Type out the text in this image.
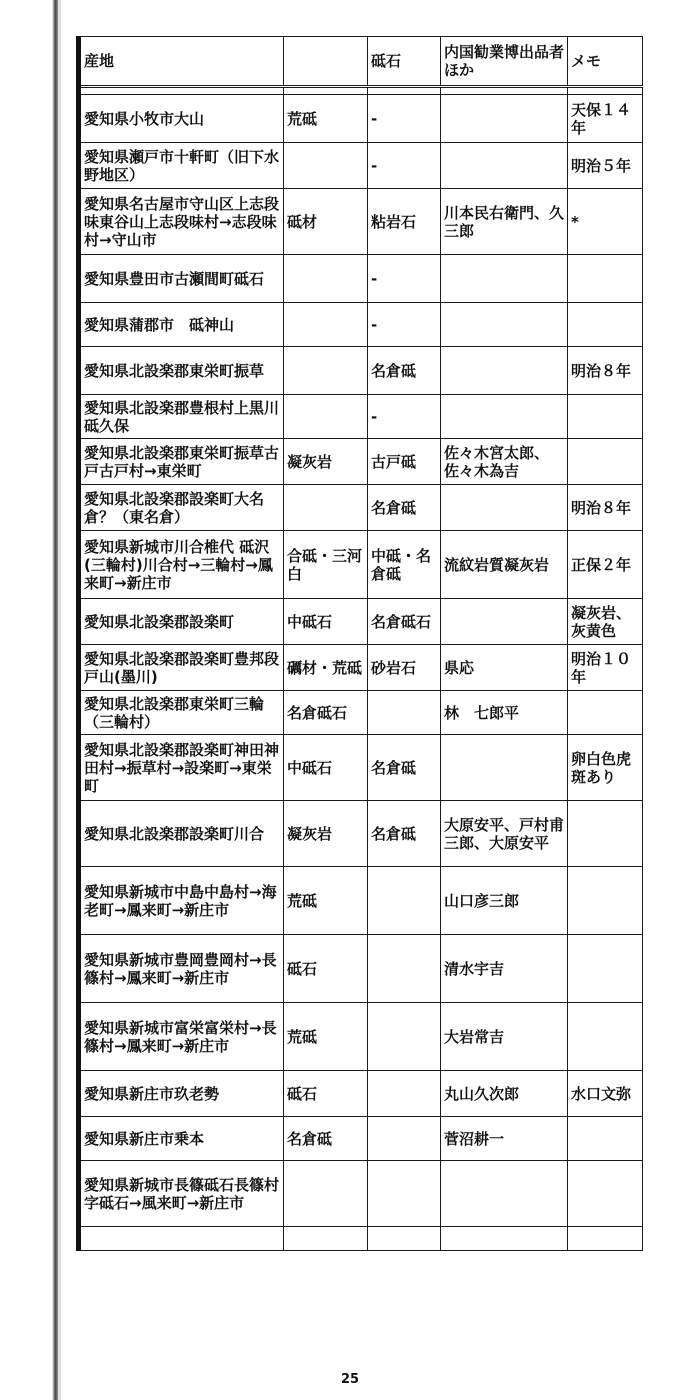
産地		砥石	内国勧業博出品者ほか	メモ

愛知県小牧市大山	荒砥	-		天保１４年
愛知県瀬戸市十軒町（旧下水野地区）		-		明治５年
愛知県名古屋市守山区上志段味東谷山上志段味村→志段味村→守山市	砥材	粘岩石	川本民右衛門、久三郎	*
愛知県豊田市古瀬間町砥石		-		
愛知県蒲郡市　砥神山		-		
愛知県北設楽郡東栄町振草		名倉砥		明治８年
愛知県北設楽郡豊根村上黒川砥久保		-		
愛知県北設楽郡東栄町振草古戸古戸村→東栄町	凝灰岩	古戸砥	佐々木宮太郎、佐々木為吉	
愛知県北設楽郡設楽町大名倉？（東名倉）		名倉砥		明治８年
愛知県新城市川合椎代 砥沢(三輪村)川合村→三輪村→鳳来町→新庄市	合砥・三河白	中砥・名倉砥	流紋岩質凝灰岩	正保２年
愛知県北設楽郡設楽町	中砥石	名倉砥石		凝灰岩、灰黄色
愛知県北設楽郡設楽町豊邦段戸山(墨川)	礪材・荒砥	砂岩石	県応	明治１０年
愛知県北設楽郡東栄町三輪（三輪村）	名倉砥石		林　七郎平	
愛知県北設楽郡設楽町神田神田村→振草村→設楽町→東栄町	中砥石	名倉砥		卵白色虎斑あり
愛知県北設楽郡設楽町川合	凝灰岩	名倉砥	大原安平、戸村甫三郎、大原安平	
愛知県新城市中島中島村→海老町→鳳来町→新庄市	荒砥		山口彦三郎	
愛知県新城市豊岡豊岡村→長篠村→鳳来町→新庄市	砥石		清水宇吉	
愛知県新城市富栄富栄村→長篠村→鳳来町→新庄市	荒砥		大岩常吉	
愛知県新庄市玖老勢	砥石		丸山久次郎	水口文弥
愛知県新庄市乗本	名倉砥		菅沼耕一	
愛知県新城市長篠砥石長篠村字砥石→風来町→新庄市				

25
